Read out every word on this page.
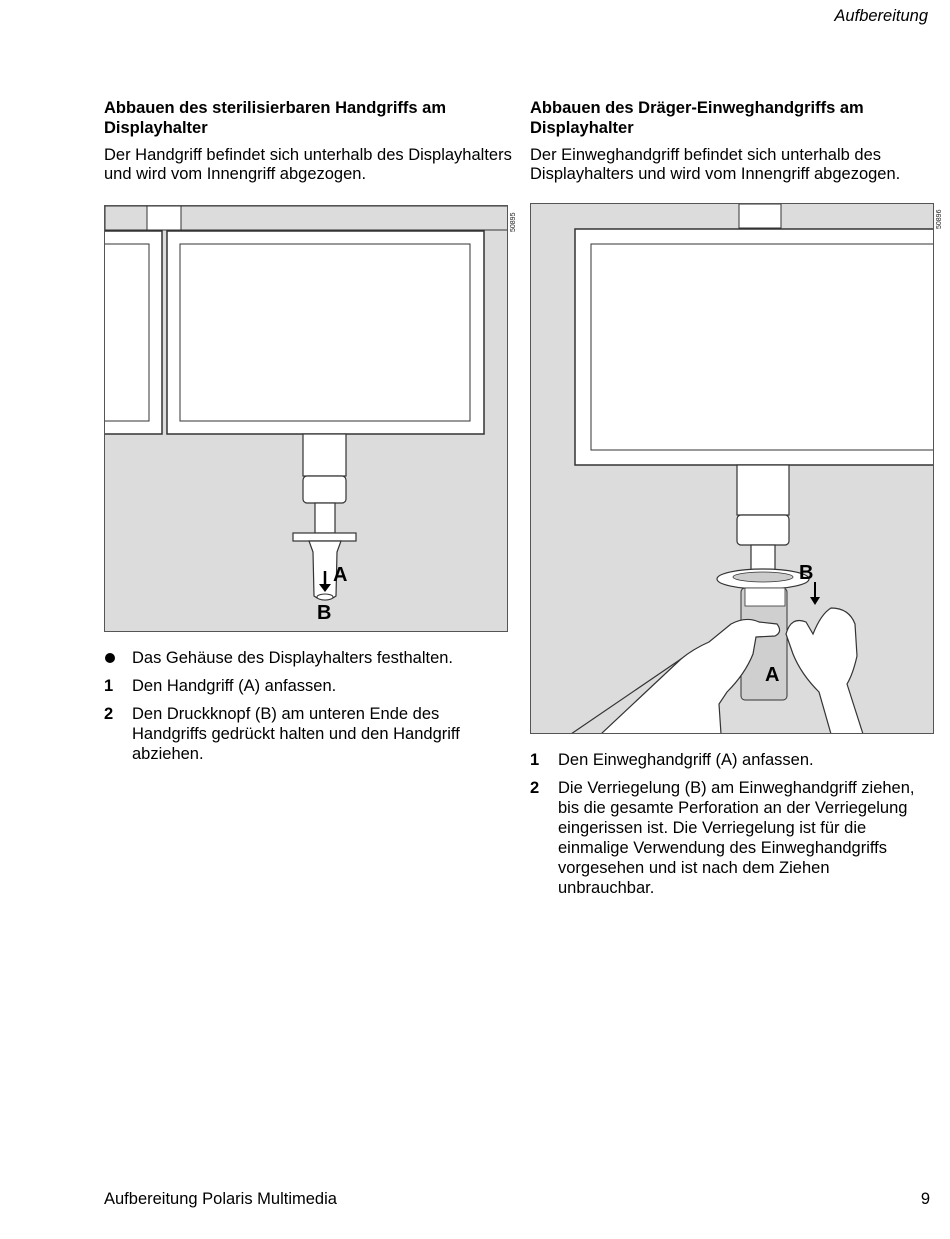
Aufbereitung

Abbauen des sterilisierbaren Handgriffs am Displayhalter

Der Handgriff befindet sich unterhalb des Displayhalters und wird vom Innengriff abgezogen.

Abbauen des Dräger-Einweghandgriffs am Displayhalter

Der Einweghandgriff befindet sich unterhalb des Displayhalters und wird vom Innengriff abgezogen.

A
B
50895
B
A
50896
Das Gehäuse des Displayhalters festhalten.
1 Den Handgriff (A) anfassen.
2 Den Druckknopf (B) am unteren Ende des Handgriffs gedrückt halten und den Handgriff abziehen.	1 Den Einweghandgriff (A) anfassen.
2 Die Verriegelung (B) am Einweghandgriff ziehen, bis die gesamte Perforation an der Verriegelung eingerissen ist. Die Verriegelung ist für die einmalige Verwendung des Einweghandgriffs vorgesehen und ist nach dem Ziehen unbrauchbar.
Aufbereitung Polaris Multimedia	9
